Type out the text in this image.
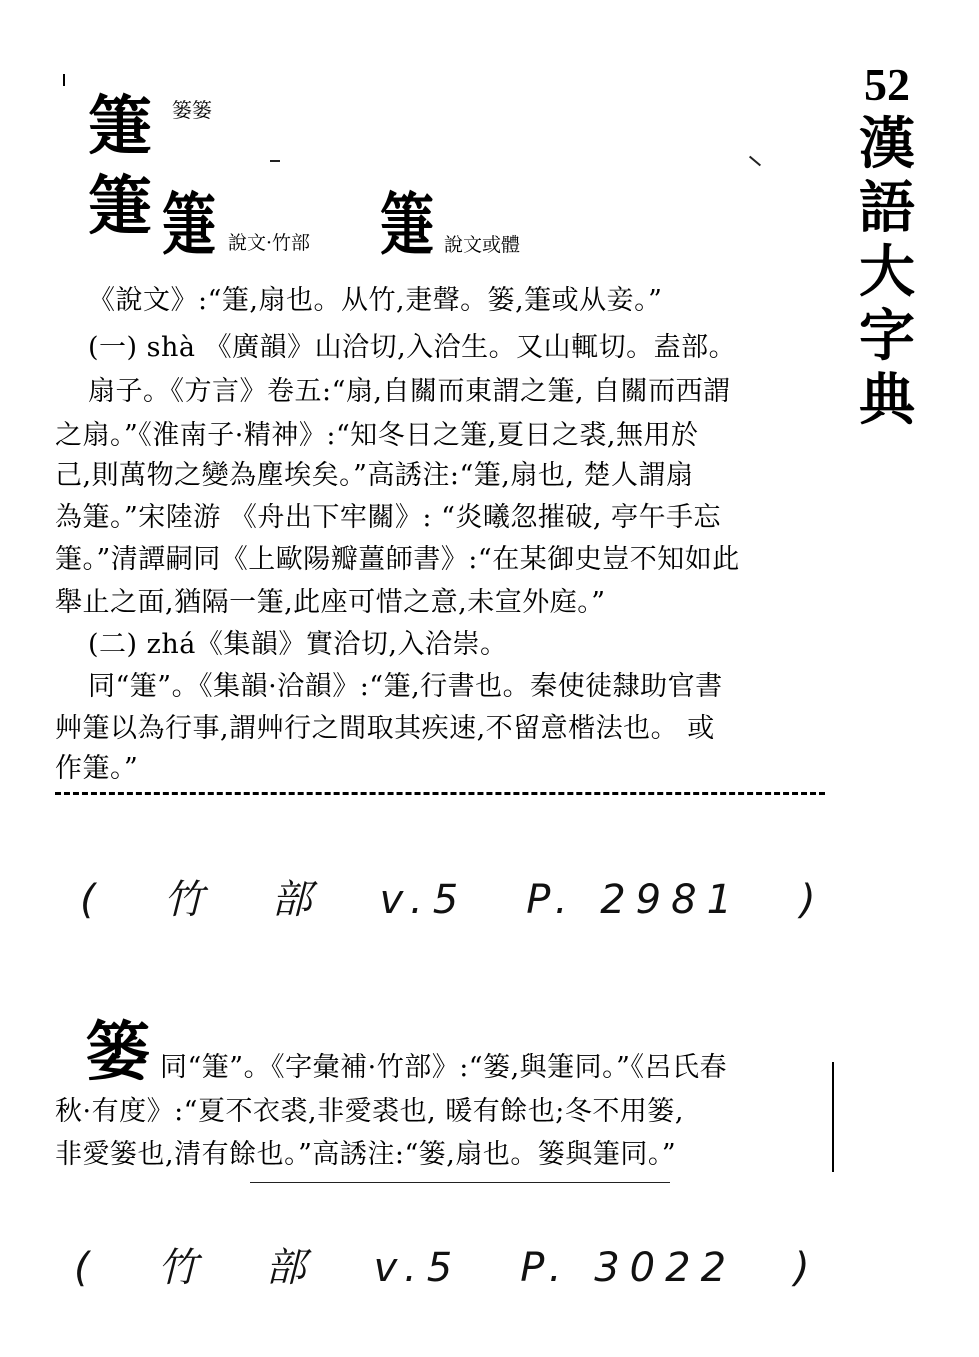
52
漢
語
大
字
典
箑
箑
篓篓
箑 說文·竹部 箑 說文或體
《說文》:“箑,扇也。从竹,疌聲。篓,箑或从妾。”
(一) shà 《廣韻》山洽切,入洽生。又山輒切。盍部。
扇子。《方言》卷五:“扇,自關而東謂之箑, 自關而西謂
之扇。”《淮南子·精神》:“知冬日之箑,夏日之裘,無用於
己,則萬物之變為塵埃矣。”高誘注:“箑,扇也, 楚人謂扇
為箑。”宋陸游 《舟出下牢關》: “炎曦忽摧破, 亭午手忘
箑。”清譚嗣同《上歐陽瓣薑師書》:“在某御史豈不知如此
舉止之面,猶隔一箑,此座可惜之意,未宣外庭。”
(二) zhá《集韻》實洽切,入洽崇。
同“箑”。《集韻·洽韻》:“箑,行書也。秦使徒隸助官書
艸箑以為行事,謂艸行之間取其疾速,不留意楷法也。 或
作箑。”
( 竹 部 v.5 P. 2981 )
篓 同“箑”。《字彙補·竹部》:“篓,與箑同。”《呂氏春
秋·有度》:“夏不衣裘,非愛裘也, 暖有餘也;冬不用篓,
非愛篓也,清有餘也。”高誘注:“篓,扇也。篓與箑同。”
( 竹 部 v.5 P. 3022 )
